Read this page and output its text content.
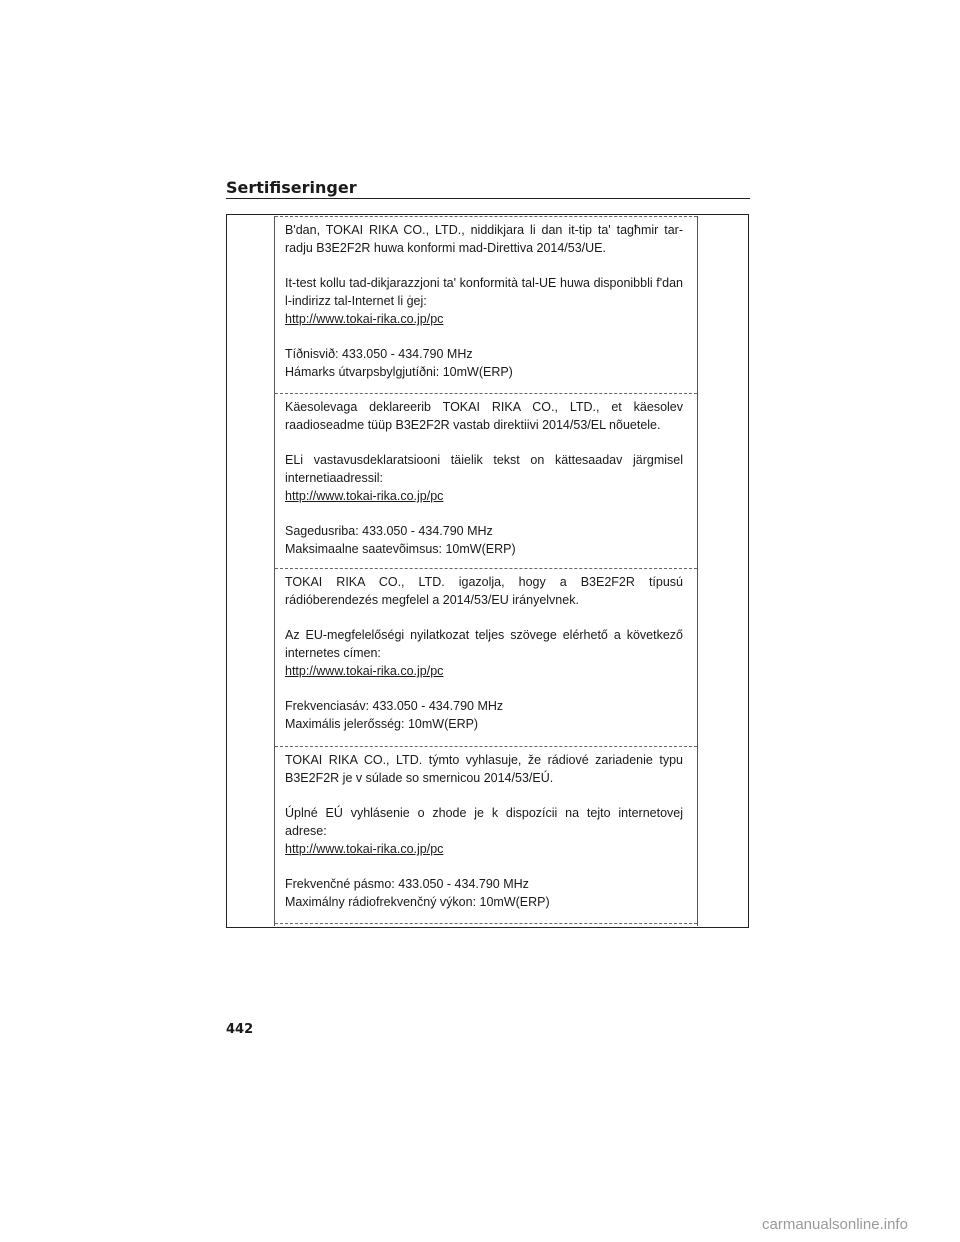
Sertifiseringer

B'dan, TOKAI RIKA CO., LTD., niddikjara li dan it-tip ta' tagħmir tar-radju B3E2F2R huwa konformi mad-Direttiva 2014/53/UE.

It-test kollu tad-dikjarazzjoni ta' konformità tal-UE huwa disponibbli f'dan l-indirizz tal-Internet li ġej:

http://www.tokai-rika.co.jp/pc

Tíðnisvið: 433.050 - 434.790 MHz

Hámarks útvarpsbylgjutíðni: 10mW(ERP)

Käesolevaga deklareerib TOKAI RIKA CO., LTD., et käesolev raadioseadme tüüp B3E2F2R vastab direktiivi 2014/53/EL nõuetele.

ELi vastavusdeklaratsiooni täielik tekst on kättesaadav järgmisel internetiaadressil:

http://www.tokai-rika.co.jp/pc

Sagedusriba: 433.050 - 434.790 MHz

Maksimaalne saatevõimsus: 10mW(ERP)

TOKAI RIKA CO., LTD. igazolja, hogy a B3E2F2R típusú rádióberendezés megfelel a 2014/53/EU irányelvnek.

Az EU-megfelelőségi nyilatkozat teljes szövege elérhető a következő internetes címen:

http://www.tokai-rika.co.jp/pc

Frekvenciasáv: 433.050 - 434.790 MHz

Maximális jelerősség: 10mW(ERP)

TOKAI RIKA CO., LTD. týmto vyhlasuje, že rádiové zariadenie typu B3E2F2R je v súlade so smernicou 2014/53/EÚ.

Úplné EÚ vyhlásenie o zhode je k dispozícii na tejto internetovej adrese:

http://www.tokai-rika.co.jp/pc

Frekvenčné pásmo: 433.050 - 434.790 MHz

Maximálny rádiofrekvenčný výkon: 10mW(ERP)

442
carmanualsonline.info
